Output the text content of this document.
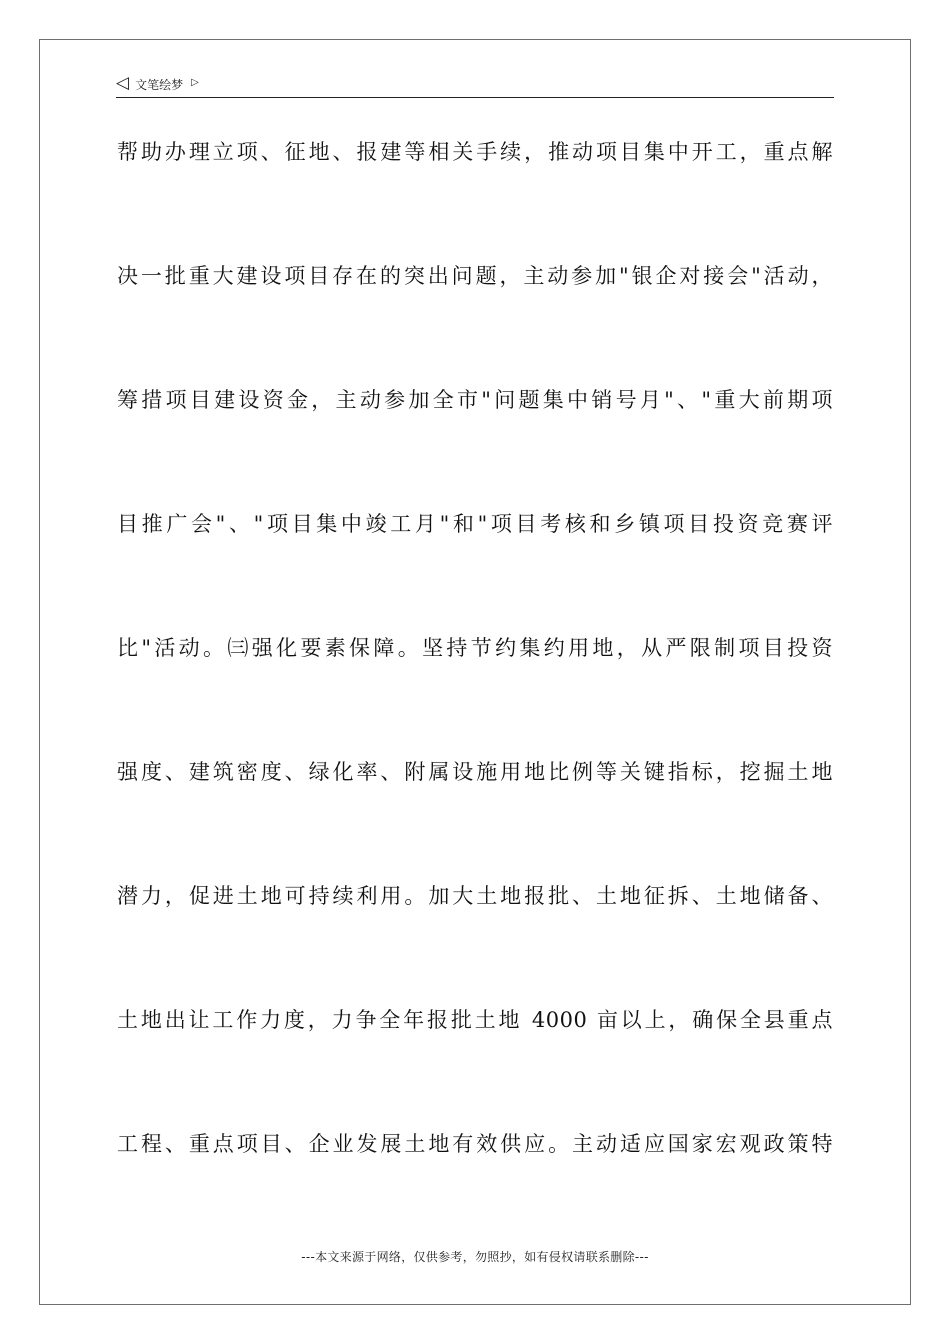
◁ 文笔绘梦 ▷
帮助办理立项、征地、报建等相关手续，推动项目集中开工，重点解
决一批重大建设项目存在的突出问题，主动参加"银企对接会"活动，
筹措项目建设资金，主动参加全市"问题集中销号月"、"重大前期项
目推广会"、"项目集中竣工月"和"项目考核和乡镇项目投资竞赛评
比"活动。㈢强化要素保障。坚持节约集约用地，从严限制项目投资
强度、建筑密度、绿化率、附属设施用地比例等关键指标，挖掘土地
潜力，促进土地可持续利用。加大土地报批、土地征拆、土地储备、
土地出让工作力度，力争全年报批土地 4000 亩以上，确保全县重点
工程、重点项目、企业发展土地有效供应。主动适应国家宏观政策特
---本文来源于网络，仅供参考，勿照抄，如有侵权请联系删除---
